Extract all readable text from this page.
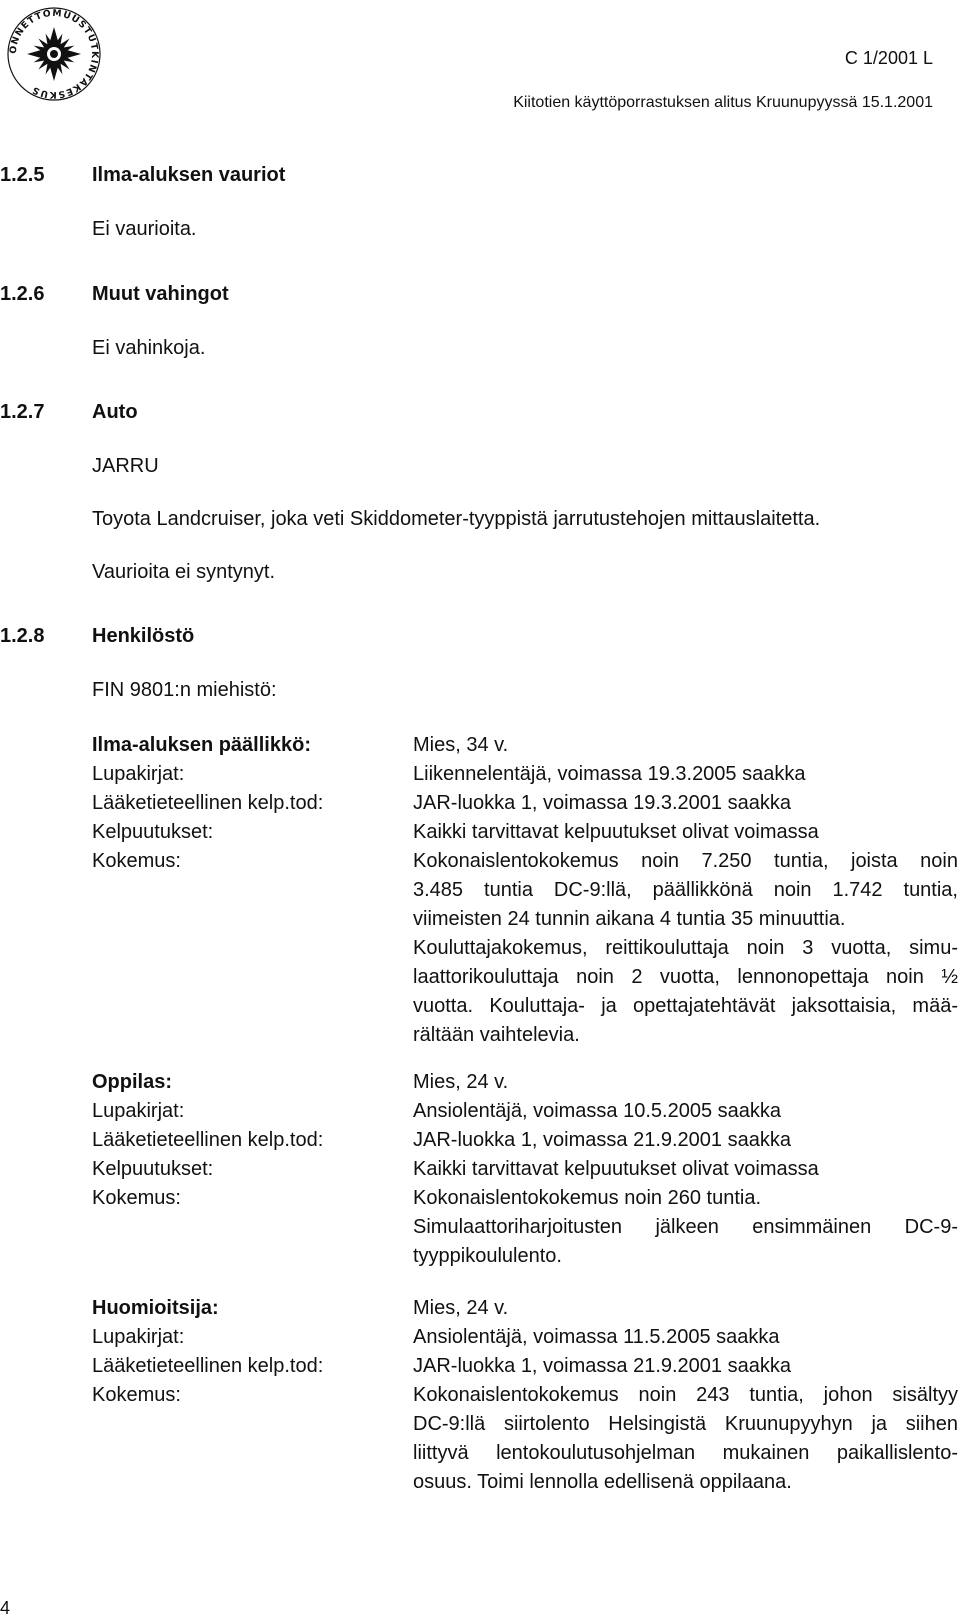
ONNETTOMUUSTUTKINTAKESKUS
C 1/2001 L
Kiitotien käyttöporrastuksen alitus Kruunupyyssä 15.1.2001
1.2.5 Ilma-aluksen vauriot
Ei vaurioita.
1.2.6 Muut vahingot
Ei vahinkoja.
1.2.7 Auto
JARRU
Toyota Landcruiser, joka veti Skiddometer-tyyppistä jarrutustehojen mittauslaitetta.
Vaurioita ei syntynyt.
1.2.8 Henkilöstö
FIN 9801:n miehistö:
Ilma-aluksen päällikkö:
Lupakirjat:
Lääketieteellinen kelp.tod:
Kelpuutukset:
Kokemus:
Mies, 34 v.
Liikennelentäjä, voimassa 19.3.2005 saakka
JAR-luokka 1, voimassa 19.3.2001 saakka
Kaikki tarvittavat kelpuutukset olivat voimassa
Kokonaislentokokemus noin 7.250 tuntia, joista noin
3.485 tuntia DC-9:llä, päällikkönä noin 1.742 tuntia,
viimeisten 24 tunnin aikana 4 tuntia 35 minuuttia.
Kouluttajakokemus, reittikouluttaja noin 3 vuotta, simu-
laattorikouluttaja noin 2 vuotta, lennonopettaja noin ½
vuotta. Kouluttaja- ja opettajatehtävät jaksottaisia, mää-
rältään vaihtelevia.
Oppilas:
Lupakirjat:
Lääketieteellinen kelp.tod:
Kelpuutukset:
Kokemus:
Mies, 24 v.
Ansiolentäjä, voimassa 10.5.2005 saakka
JAR-luokka 1, voimassa 21.9.2001 saakka
Kaikki tarvittavat kelpuutukset olivat voimassa
Kokonaislentokokemus noin 260 tuntia.
Simulaattoriharjoitusten jälkeen ensimmäinen DC-9-
tyyppikoululento.
Huomioitsija:
Lupakirjat:
Lääketieteellinen kelp.tod:
Kokemus:
Mies, 24 v.
Ansiolentäjä, voimassa 11.5.2005 saakka
JAR-luokka 1, voimassa 21.9.2001 saakka
Kokonaislentokokemus noin 243 tuntia, johon sisältyy
DC-9:llä siirtolento Helsingistä Kruunupyyhyn ja siihen
liittyvä lentokoulutusohjelman mukainen paikallislento-
osuus. Toimi lennolla edellisenä oppilaana.
4
